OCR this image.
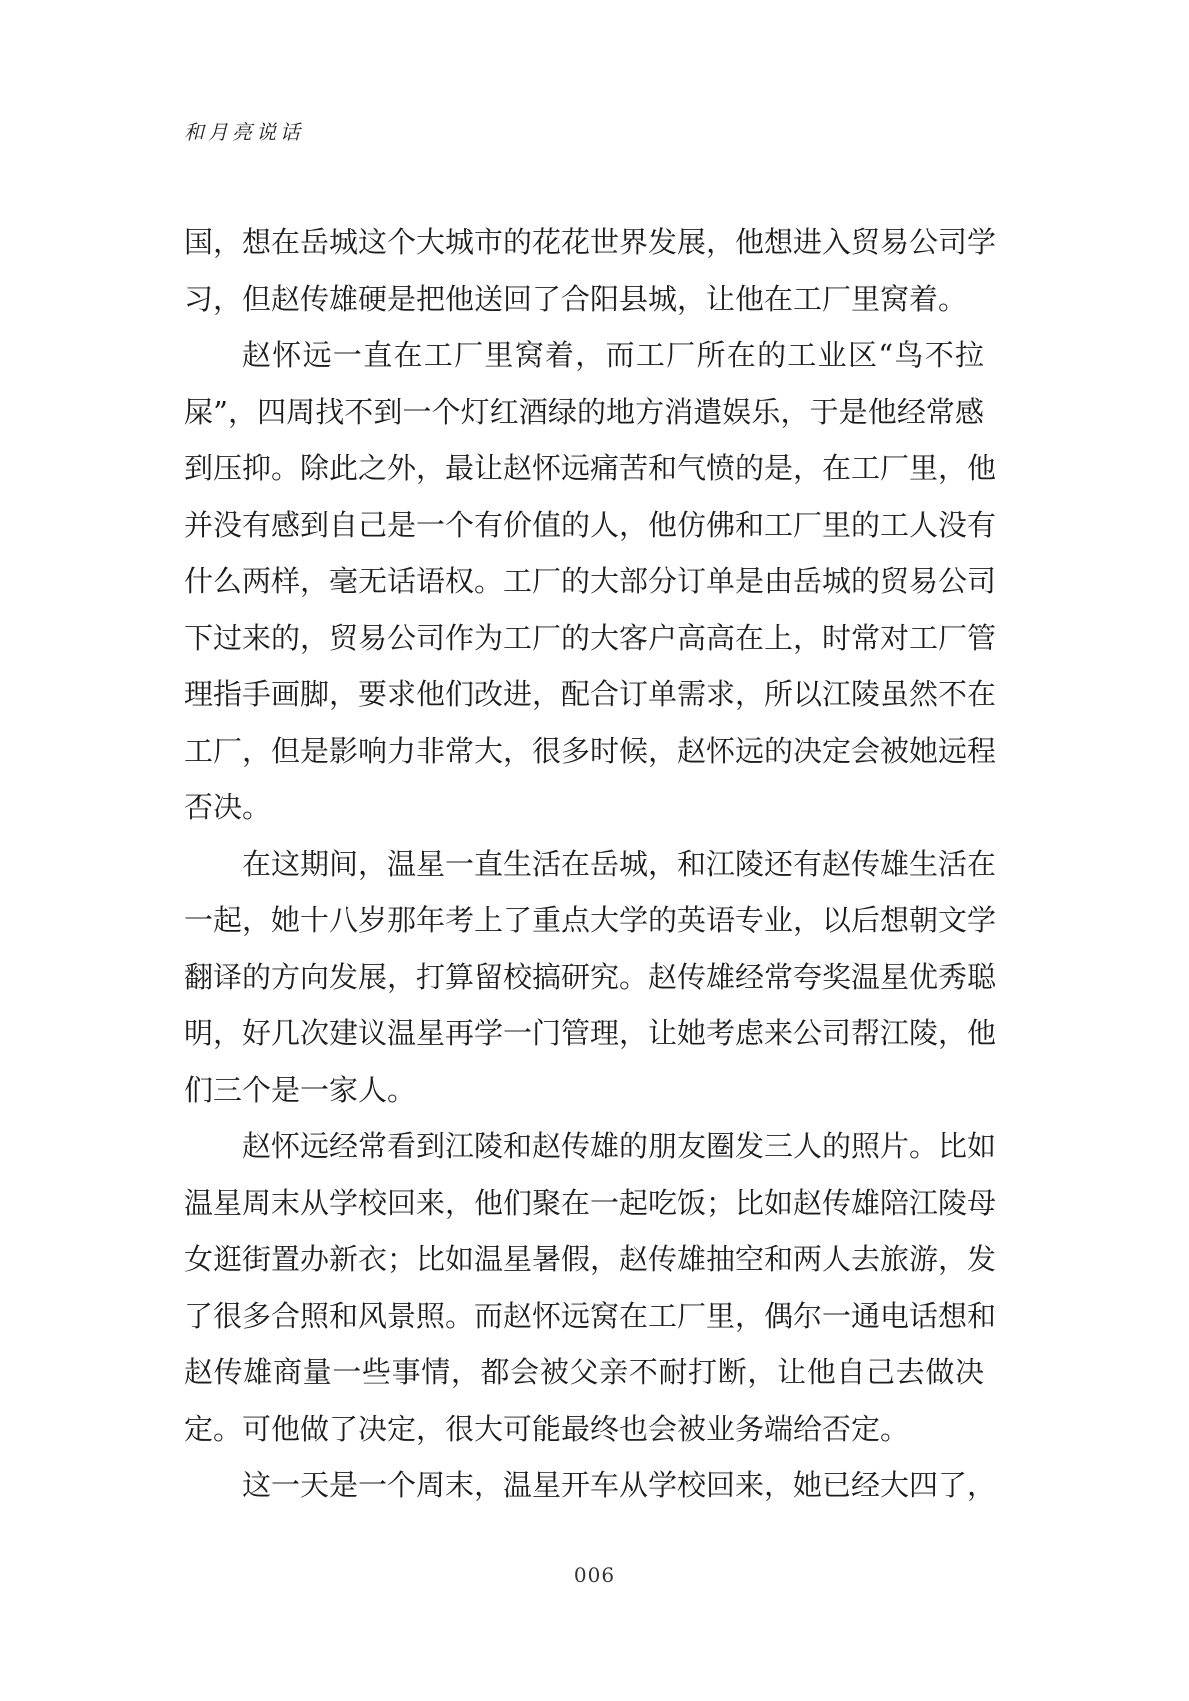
和月亮说话
国，想在岳城这个大城市的花花世界发展，他想进入贸易公司学
习，但赵传雄硬是把他送回了合阳县城，让他在工厂里窝着。
赵怀远一直在工厂里窝着，而工厂所在的工业区“鸟不拉
屎”，四周找不到一个灯红酒绿的地方消遣娱乐，于是他经常感
到压抑。除此之外，最让赵怀远痛苦和气愤的是，在工厂里，他
并没有感到自己是一个有价值的人，他仿佛和工厂里的工人没有
什么两样，毫无话语权。工厂的大部分订单是由岳城的贸易公司
下过来的，贸易公司作为工厂的大客户高高在上，时常对工厂管
理指手画脚，要求他们改进，配合订单需求，所以江陵虽然不在
工厂，但是影响力非常大，很多时候，赵怀远的决定会被她远程
否决。
在这期间，温星一直生活在岳城，和江陵还有赵传雄生活在
一起，她十八岁那年考上了重点大学的英语专业，以后想朝文学
翻译的方向发展，打算留校搞研究。赵传雄经常夸奖温星优秀聪
明，好几次建议温星再学一门管理，让她考虑来公司帮江陵，他
们三个是一家人。
赵怀远经常看到江陵和赵传雄的朋友圈发三人的照片。比如
温星周末从学校回来，他们聚在一起吃饭；比如赵传雄陪江陵母
女逛街置办新衣；比如温星暑假，赵传雄抽空和两人去旅游，发
了很多合照和风景照。而赵怀远窝在工厂里，偶尔一通电话想和
赵传雄商量一些事情，都会被父亲不耐打断，让他自己去做决
定。可他做了决定，很大可能最终也会被业务端给否定。
这一天是一个周末，温星开车从学校回来，她已经大四了，
006
